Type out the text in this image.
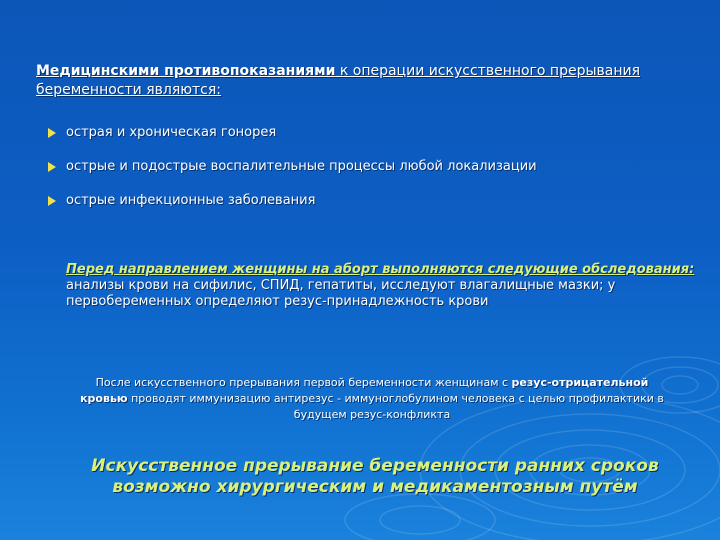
Медицинскими противопоказаниями к операции искусственного прерывания беременности являются:
острая и хроническая гонорея
острые и подострые воспалительные процессы любой локализации
острые инфекционные заболевания
Перед направлением женщины на аборт выполняются следующие обследования: анализы крови на сифилис, СПИД, гепатиты, исследуют влагалищные мазки; у первобеременных определяют резус-принадлежность крови
После искусственного прерывания первой беременности женщинам с резус-отрицательной кровью проводят иммунизацию антирезус - иммуноглобулином человека с целью профилактики в будущем резус-конфликта
Искусственное прерывание беременности ранних сроков возможно хирургическим и медикаментозным путём
